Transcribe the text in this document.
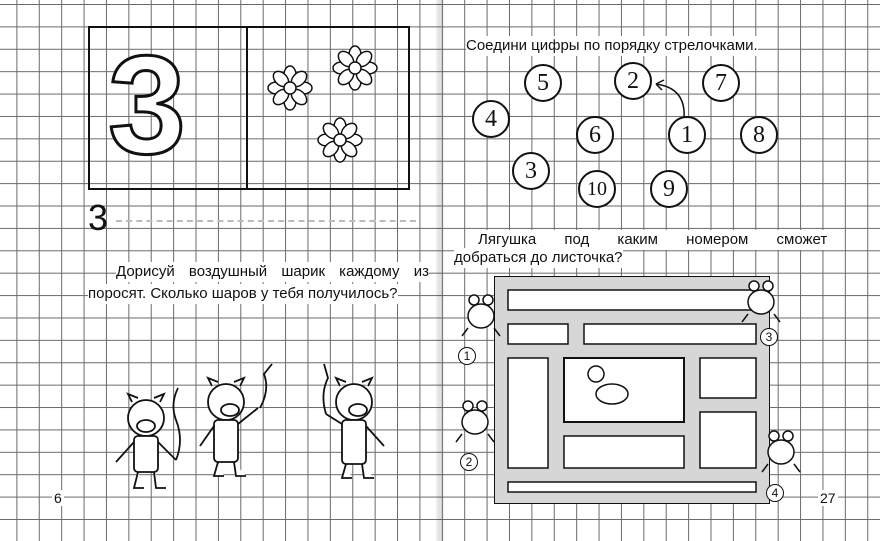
3
3
Дорисуй воздушный шарик каждому из
поросят. Сколько шаров у тебя получилось?
6
Соедини цифры по порядку стрелочками.
5	2	7
4
6	1	8
3
10	9
Лягушка под каким номером сможет
добраться до листочка?
1
2
3
4	27
